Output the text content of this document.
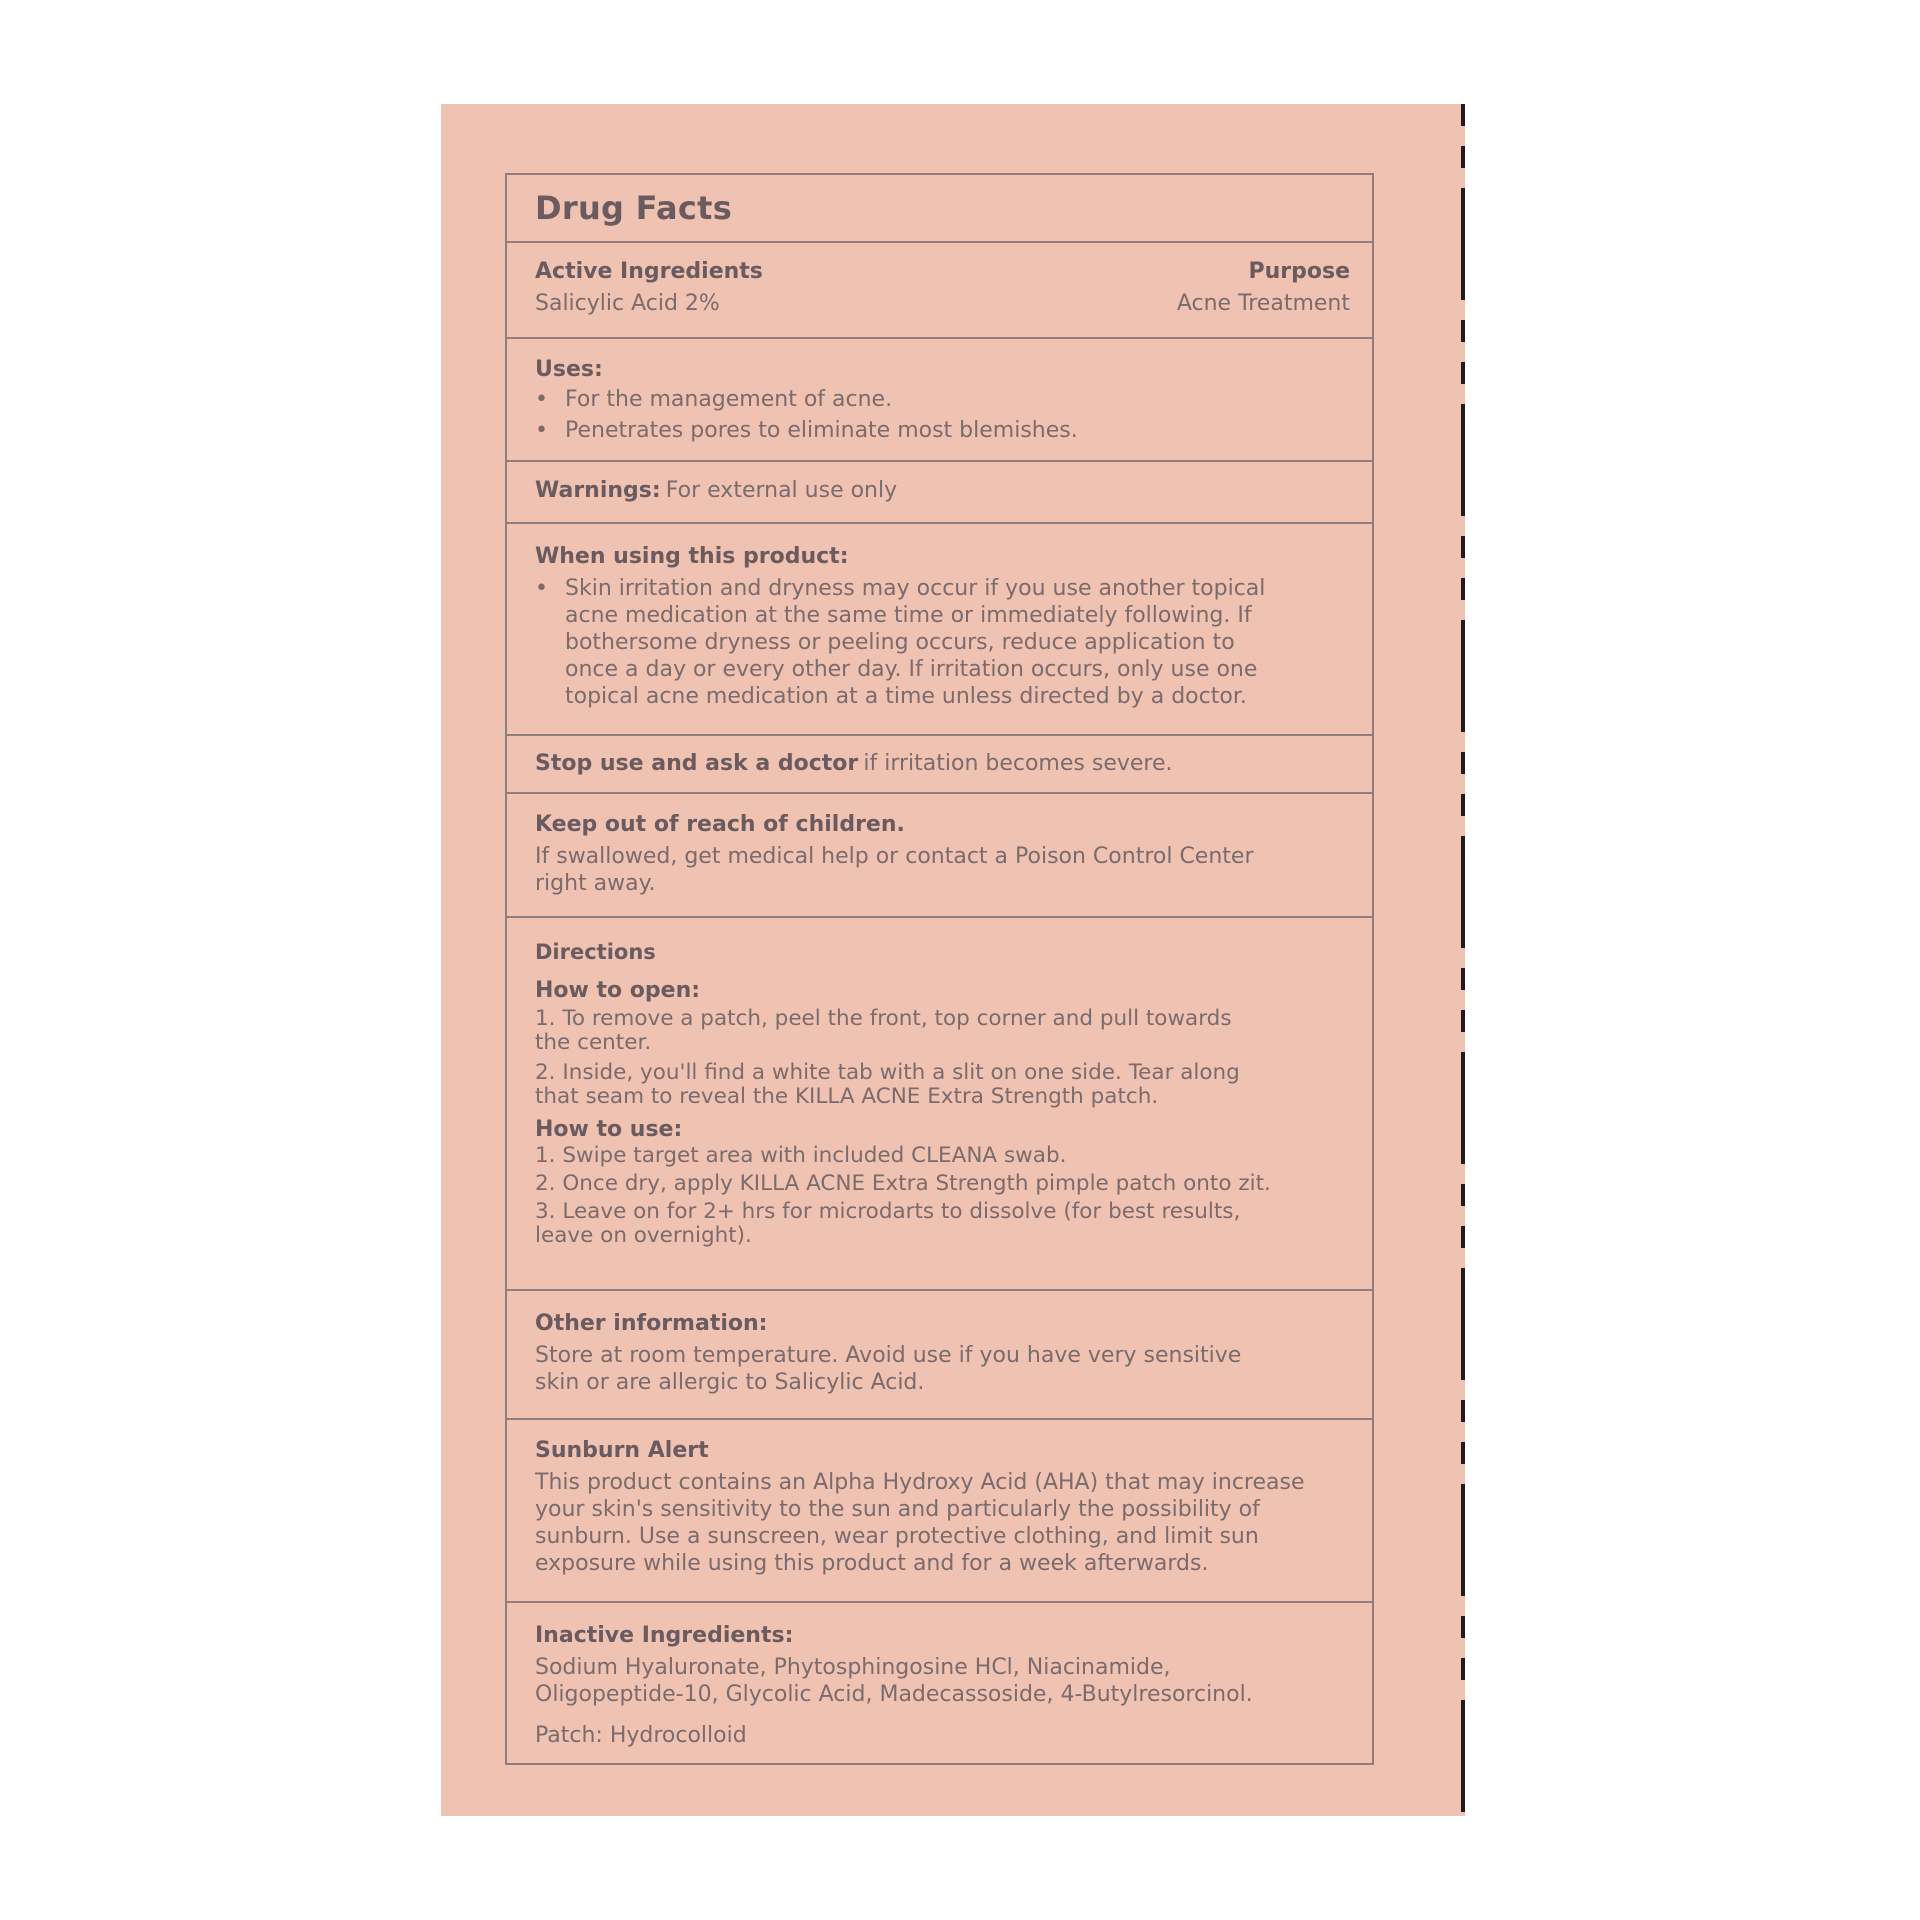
Drug Facts
Active Ingredients	Purpose
Salicylic Acid 2%	Acne Treatment
Uses:
• For the management of acne.
• Penetrates pores to eliminate most blemishes.
Warnings: For external use only
When using this product:
• Skin irritation and dryness may occur if you use another topical
acne medication at the same time or immediately following. If
bothersome dryness or peeling occurs, reduce application to
once a day or every other day. If irritation occurs, only use one
topical acne medication at a time unless directed by a doctor.
Stop use and ask a doctor if irritation becomes severe.
Keep out of reach of children.
If swallowed, get medical help or contact a Poison Control Center
right away.
Directions
How to open:
1. To remove a patch, peel the front, top corner and pull towards
the center.
2. Inside, you'll find a white tab with a slit on one side. Tear along
that seam to reveal the KILLA ACNE Extra Strength patch.
How to use:
1. Swipe target area with included CLEANA swab.
2. Once dry, apply KILLA ACNE Extra Strength pimple patch onto zit.
3. Leave on for 2+ hrs for microdarts to dissolve (for best results,
leave on overnight).
Other information:
Store at room temperature. Avoid use if you have very sensitive
skin or are allergic to Salicylic Acid.
Sunburn Alert
This product contains an Alpha Hydroxy Acid (AHA) that may increase
your skin's sensitivity to the sun and particularly the possibility of
sunburn. Use a sunscreen, wear protective clothing, and limit sun
exposure while using this product and for a week afterwards.
Inactive Ingredients:
Sodium Hyaluronate, Phytosphingosine HCl, Niacinamide,
Oligopeptide-10, Glycolic Acid, Madecassoside, 4-Butylresorcinol.
Patch: Hydrocolloid
